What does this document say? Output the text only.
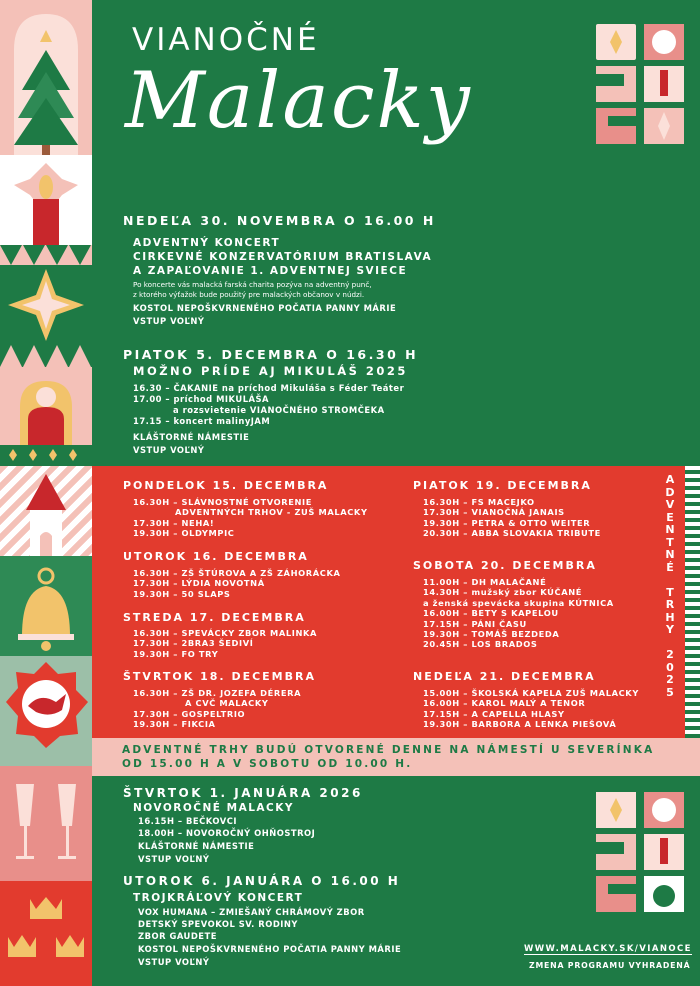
VIANOČNÉ
Malacky
NEDEĽA 30. NOVEMBRA O 16.00 H
ADVENTNÝ KONCERT
CIRKEVNÉ KONZERVATÓRIUM BRATISLAVA
A ZAPAĽOVANIE 1. ADVENTNEJ SVIECE
Po koncerte vás malacká farská charita pozýva na adventný punč,
z ktorého výťažok bude použitý pre malackých občanov v núdzi.
KOSTOL NEPOŠKVRNENÉHO POČATIA PANNY MÁRIE
VSTUP VOĽNÝ
PIATOK 5. DECEMBRA O 16.30 H
MOŽNO PRÍDE AJ MIKULÁŠ 2025
16.30 – ČAKANIE na príchod Mikuláša s Féder Teáter
17.00 – príchod MIKULÁŠA
a rozsvietenie VIANOČNÉHO STROMČEKA
17.15 – koncert malinyJAM
KLÁŠTORNÉ NÁMESTIE
VSTUP VOĽNÝ
A
D
V
E
N
T
N
É

T
R
H
Y

2
0
2
5
PONDELOK 15. DECEMBRA
16.30H – SLÁVNOSTNÉ OTVORENIE
ADVENTNÝCH TRHOV - ZUŠ MALACKY
17.30H – NEHA!
19.30H – OLDYMPIC
UTOROK 16. DECEMBRA
16.30H – ZŠ ŠTÚROVA A ZŠ ZÁHORÁCKA
17.30H – LÝDIA NOVOTNÁ
19.30H – 50 SLAPS
STREDA 17. DECEMBRA
16.30H – SPEVÁCKY ZBOR MALINKA
17.30H – 2BRA3 ŠEDIVÍ
19.30H – FO TRY
ŠTVRTOK 18. DECEMBRA
16.30H – ZŠ DR. JOZEFA DÉRERA
A CVČ MALACKY
17.30H – GOSPELTRIO
19.30H – FIKCIA
PIATOK 19. DECEMBRA
16.30H – FS MACEJKO
17.30H – VIANOČNÁ JANAIS
19.30H – PETRA & OTTO WEITER
20.30H – ABBA SLOVAKIA TRIBUTE
SOBOTA 20. DECEMBRA
11.00H – DH MALAČANÉ
14.30H – mužský zbor KÚČANÉ
a ženská spevácka skupina KÚTNICA
16.00H – BETY S KAPELOU
17.15H – PÁNI ČASU
19.30H – TOMÁŠ BEZDEDA
20.45H – LOS BRADOS
NEDEĽA 21. DECEMBRA
15.00H – ŠKOLSKÁ KAPELA ZUŠ MALACKY
16.00H – KAROL MALÝ A TENOR
17.15H – A CAPELLA HLASY
19.30H – BARBORA A LENKA PIEŠOVÁ
ADVENTNÉ TRHY BUDÚ OTVORENÉ DENNE NA NÁMESTÍ U SEVERÍNKA
OD 15.00 H A V SOBOTU OD 10.00 H.
ŠTVRTOK 1. JANUÁRA 2026
NOVOROČNÉ MALACKY
16.15H – BEČKOVCI
18.00H – NOVOROČNÝ OHŇOSTROJ
KLÁŠTORNÉ NÁMESTIE
VSTUP VOĽNÝ
UTOROK 6. JANUÁRA O 16.00 H
TROJKRÁĽOVÝ KONCERT
VOX HUMANA – ZMIEŠANÝ CHRÁMOVÝ ZBOR
DETSKÝ SPEVOKOL SV. RODINY
ZBOR GAUDETE
KOSTOL NEPOŠKVRNENÉHO POČATIA PANNY MÁRIE
VSTUP VOĽNÝ
WWW.MALACKY.SK/VIANOCE
ZMENA PROGRAMU VYHRADENÁ
